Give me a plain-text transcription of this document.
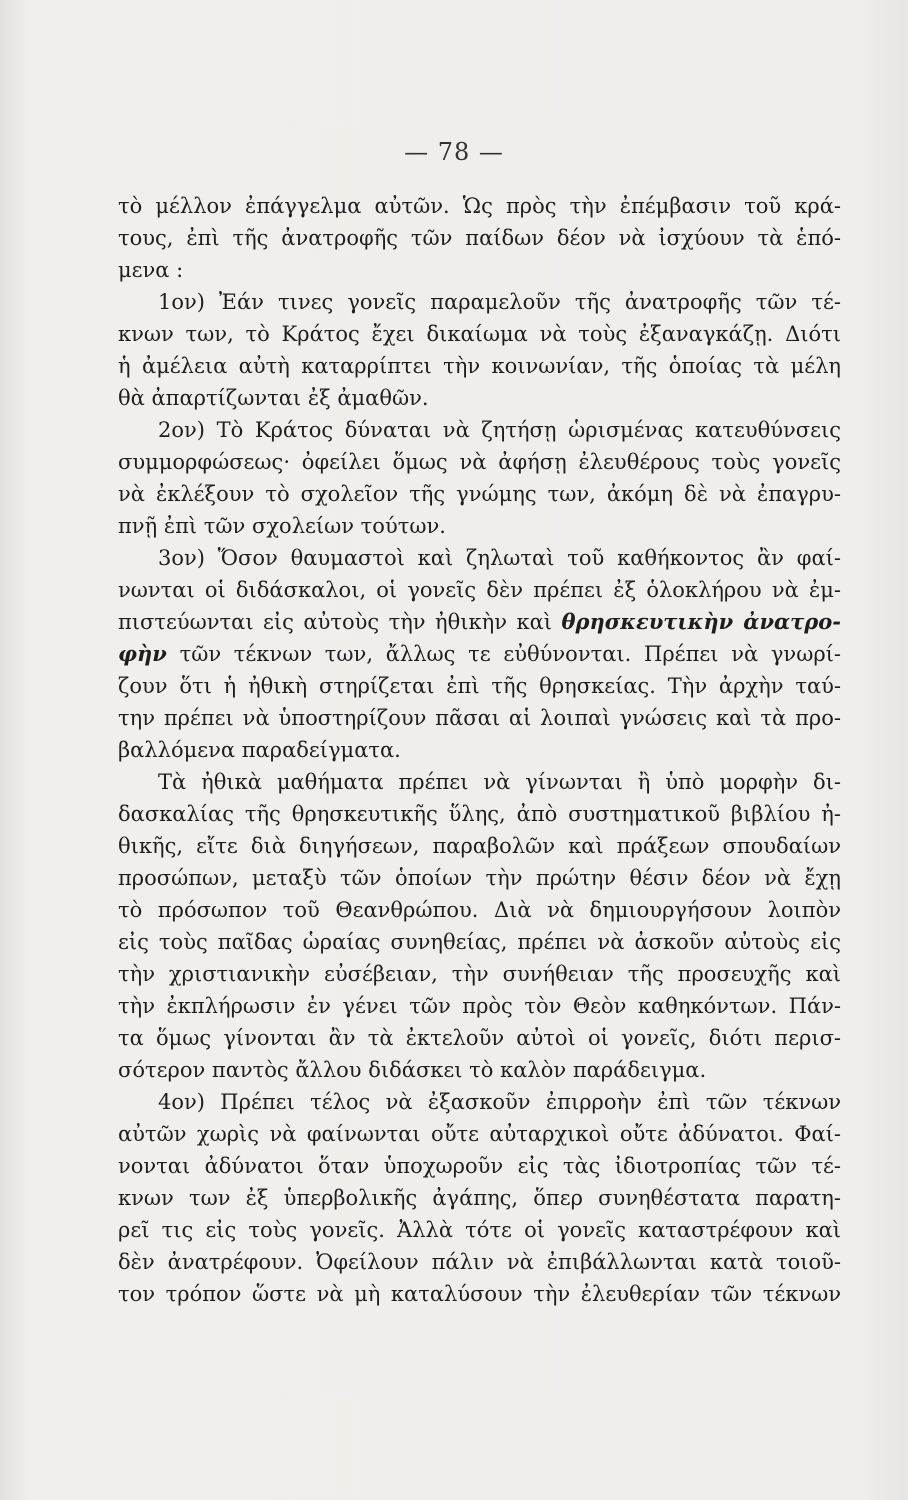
— 78 —
τὸ μέλλον ἐπάγγελμα αὐτῶν. Ὡς πρὸς τὴν ἐπέμβασιν τοῦ κρά-
τους, ἐπὶ τῆς ἀνατροφῆς τῶν παίδων δέον νὰ ἰσχύουν τὰ ἑπό-
μενα :
1ον) Ἐάν τινες γονεῖς παραμελοῦν τῆς ἀνατροφῆς τῶν τέ-
κνων των, τὸ Κράτος ἔχει δικαίωμα νὰ τοὺς ἐξαναγκάζῃ. Διότι
ἡ ἀμέλεια αὐτὴ καταρρίπτει τὴν κοινωνίαν, τῆς ὁποίας τὰ μέλη
θὰ ἀπαρτίζωνται ἐξ ἀμαθῶν.
2ον) Τὸ Κράτος δύναται νὰ ζητήσῃ ὡρισμένας κατευθύνσεις
συμμορφώσεως· ὀφείλει ὅμως νὰ ἀφήσῃ ἐλευθέρους τοὺς γονεῖς
νὰ ἐκλέξουν τὸ σχολεῖον τῆς γνώμης των, ἀκόμη δὲ νὰ ἐπαγρυ-
πνῇ ἐπὶ τῶν σχολείων τούτων.
3ον) Ὅσον θαυμαστοὶ καὶ ζηλωταὶ τοῦ καθήκοντος ἂν φαί-
νωνται οἱ διδάσκαλοι, οἱ γονεῖς δὲν πρέπει ἐξ ὁλοκλήρου νὰ ἐμ-
πιστεύωνται εἰς αὐτοὺς τὴν ἠθικὴν καὶ θρησκευτικὴν ἀνατρο-
φὴν τῶν τέκνων των, ἄλλως τε εὐθύνονται. Πρέπει νὰ γνωρί-
ζουν ὅτι ἡ ἠθικὴ στηρίζεται ἐπὶ τῆς θρησκείας. Τὴν ἀρχὴν ταύ-
την πρέπει νὰ ὑποστηρίζουν πᾶσαι αἱ λοιπαὶ γνώσεις καὶ τὰ προ-
βαλλόμενα παραδείγματα.
Τὰ ἠθικὰ μαθήματα πρέπει νὰ γίνωνται ἢ ὑπὸ μορφὴν δι-
δασκαλίας τῆς θρησκευτικῆς ὕλης, ἀπὸ συστηματικοῦ βιβλίου ἠ-
θικῆς, εἴτε διὰ διηγήσεων, παραβολῶν καὶ πράξεων σπουδαίων
προσώπων, μεταξὺ τῶν ὁποίων τὴν πρώτην θέσιν δέον νὰ ἔχῃ
τὸ πρόσωπον τοῦ Θεανθρώπου. Διὰ νὰ δημιουργήσουν λοιπὸν
εἰς τοὺς παῖδας ὡραίας συνηθείας, πρέπει νὰ ἀσκοῦν αὐτοὺς εἰς
τὴν χριστιανικὴν εὐσέβειαν, τὴν συνήθειαν τῆς προσευχῆς καὶ
τὴν ἐκπλήρωσιν ἐν γένει τῶν πρὸς τὸν Θεὸν καθηκόντων. Πάν-
τα ὅμως γίνονται ἂν τὰ ἐκτελοῦν αὐτοὶ οἱ γονεῖς, διότι περισ-
σότερον παντὸς ἄλλου διδάσκει τὸ καλὸν παράδειγμα.
4ον) Πρέπει τέλος νὰ ἐξασκοῦν ἐπιρροὴν ἐπὶ τῶν τέκνων
αὐτῶν χωρὶς νὰ φαίνωνται οὔτε αὐταρχικοὶ οὔτε ἀδύνατοι. Φαί-
νονται ἀδύνατοι ὅταν ὑποχωροῦν εἰς τὰς ἰδιοτροπίας τῶν τέ-
κνων των ἐξ ὑπερβολικῆς ἀγάπης, ὅπερ συνηθέστατα παρατη-
ρεῖ τις εἰς τοὺς γονεῖς. Ἀλλὰ τότε οἱ γονεῖς καταστρέφουν καὶ
δὲν ἀνατρέφουν. Ὀφείλουν πάλιν νὰ ἐπιβάλλωνται κατὰ τοιοῦ-
τον τρόπον ὥστε νὰ μὴ καταλύσουν τὴν ἐλευθερίαν τῶν τέκνων
